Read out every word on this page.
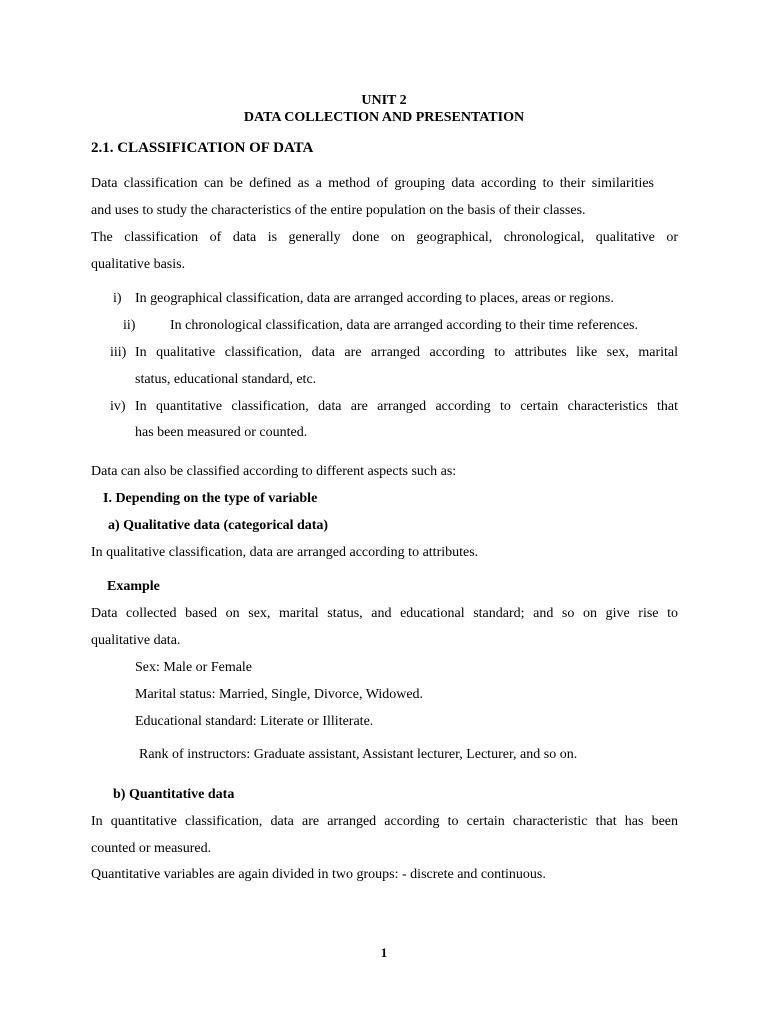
UNIT 2
DATA COLLECTION AND PRESENTATION
2.1. CLASSIFICATION OF DATA
Data classification can be defined as a method of grouping data according to their similarities
and uses to study the characteristics of the entire population on the basis of their classes.
The classification of data is generally done on geographical, chronological, qualitative or
qualitative basis.
i) In geographical classification, data are arranged according to places, areas or regions.
ii) In chronological classification, data are arranged according to their time references.
iii) In qualitative classification, data are arranged according to attributes like sex, marital
status, educational standard, etc.
iv) In quantitative classification, data are arranged according to certain characteristics that
has been measured or counted.
Data can also be classified according to different aspects such as:
I. Depending on the type of variable
a) Qualitative data (categorical data)
In qualitative classification, data are arranged according to attributes.
Example
Data collected based on sex, marital status, and educational standard; and so on give rise to
qualitative data.
Sex: Male or Female
Marital status: Married, Single, Divorce, Widowed.
Educational standard: Literate or Illiterate.
Rank of instructors: Graduate assistant, Assistant lecturer, Lecturer, and so on.
b) Quantitative data
In quantitative classification, data are arranged according to certain characteristic that has been
counted or measured.
Quantitative variables are again divided in two groups: - discrete and continuous.
1
